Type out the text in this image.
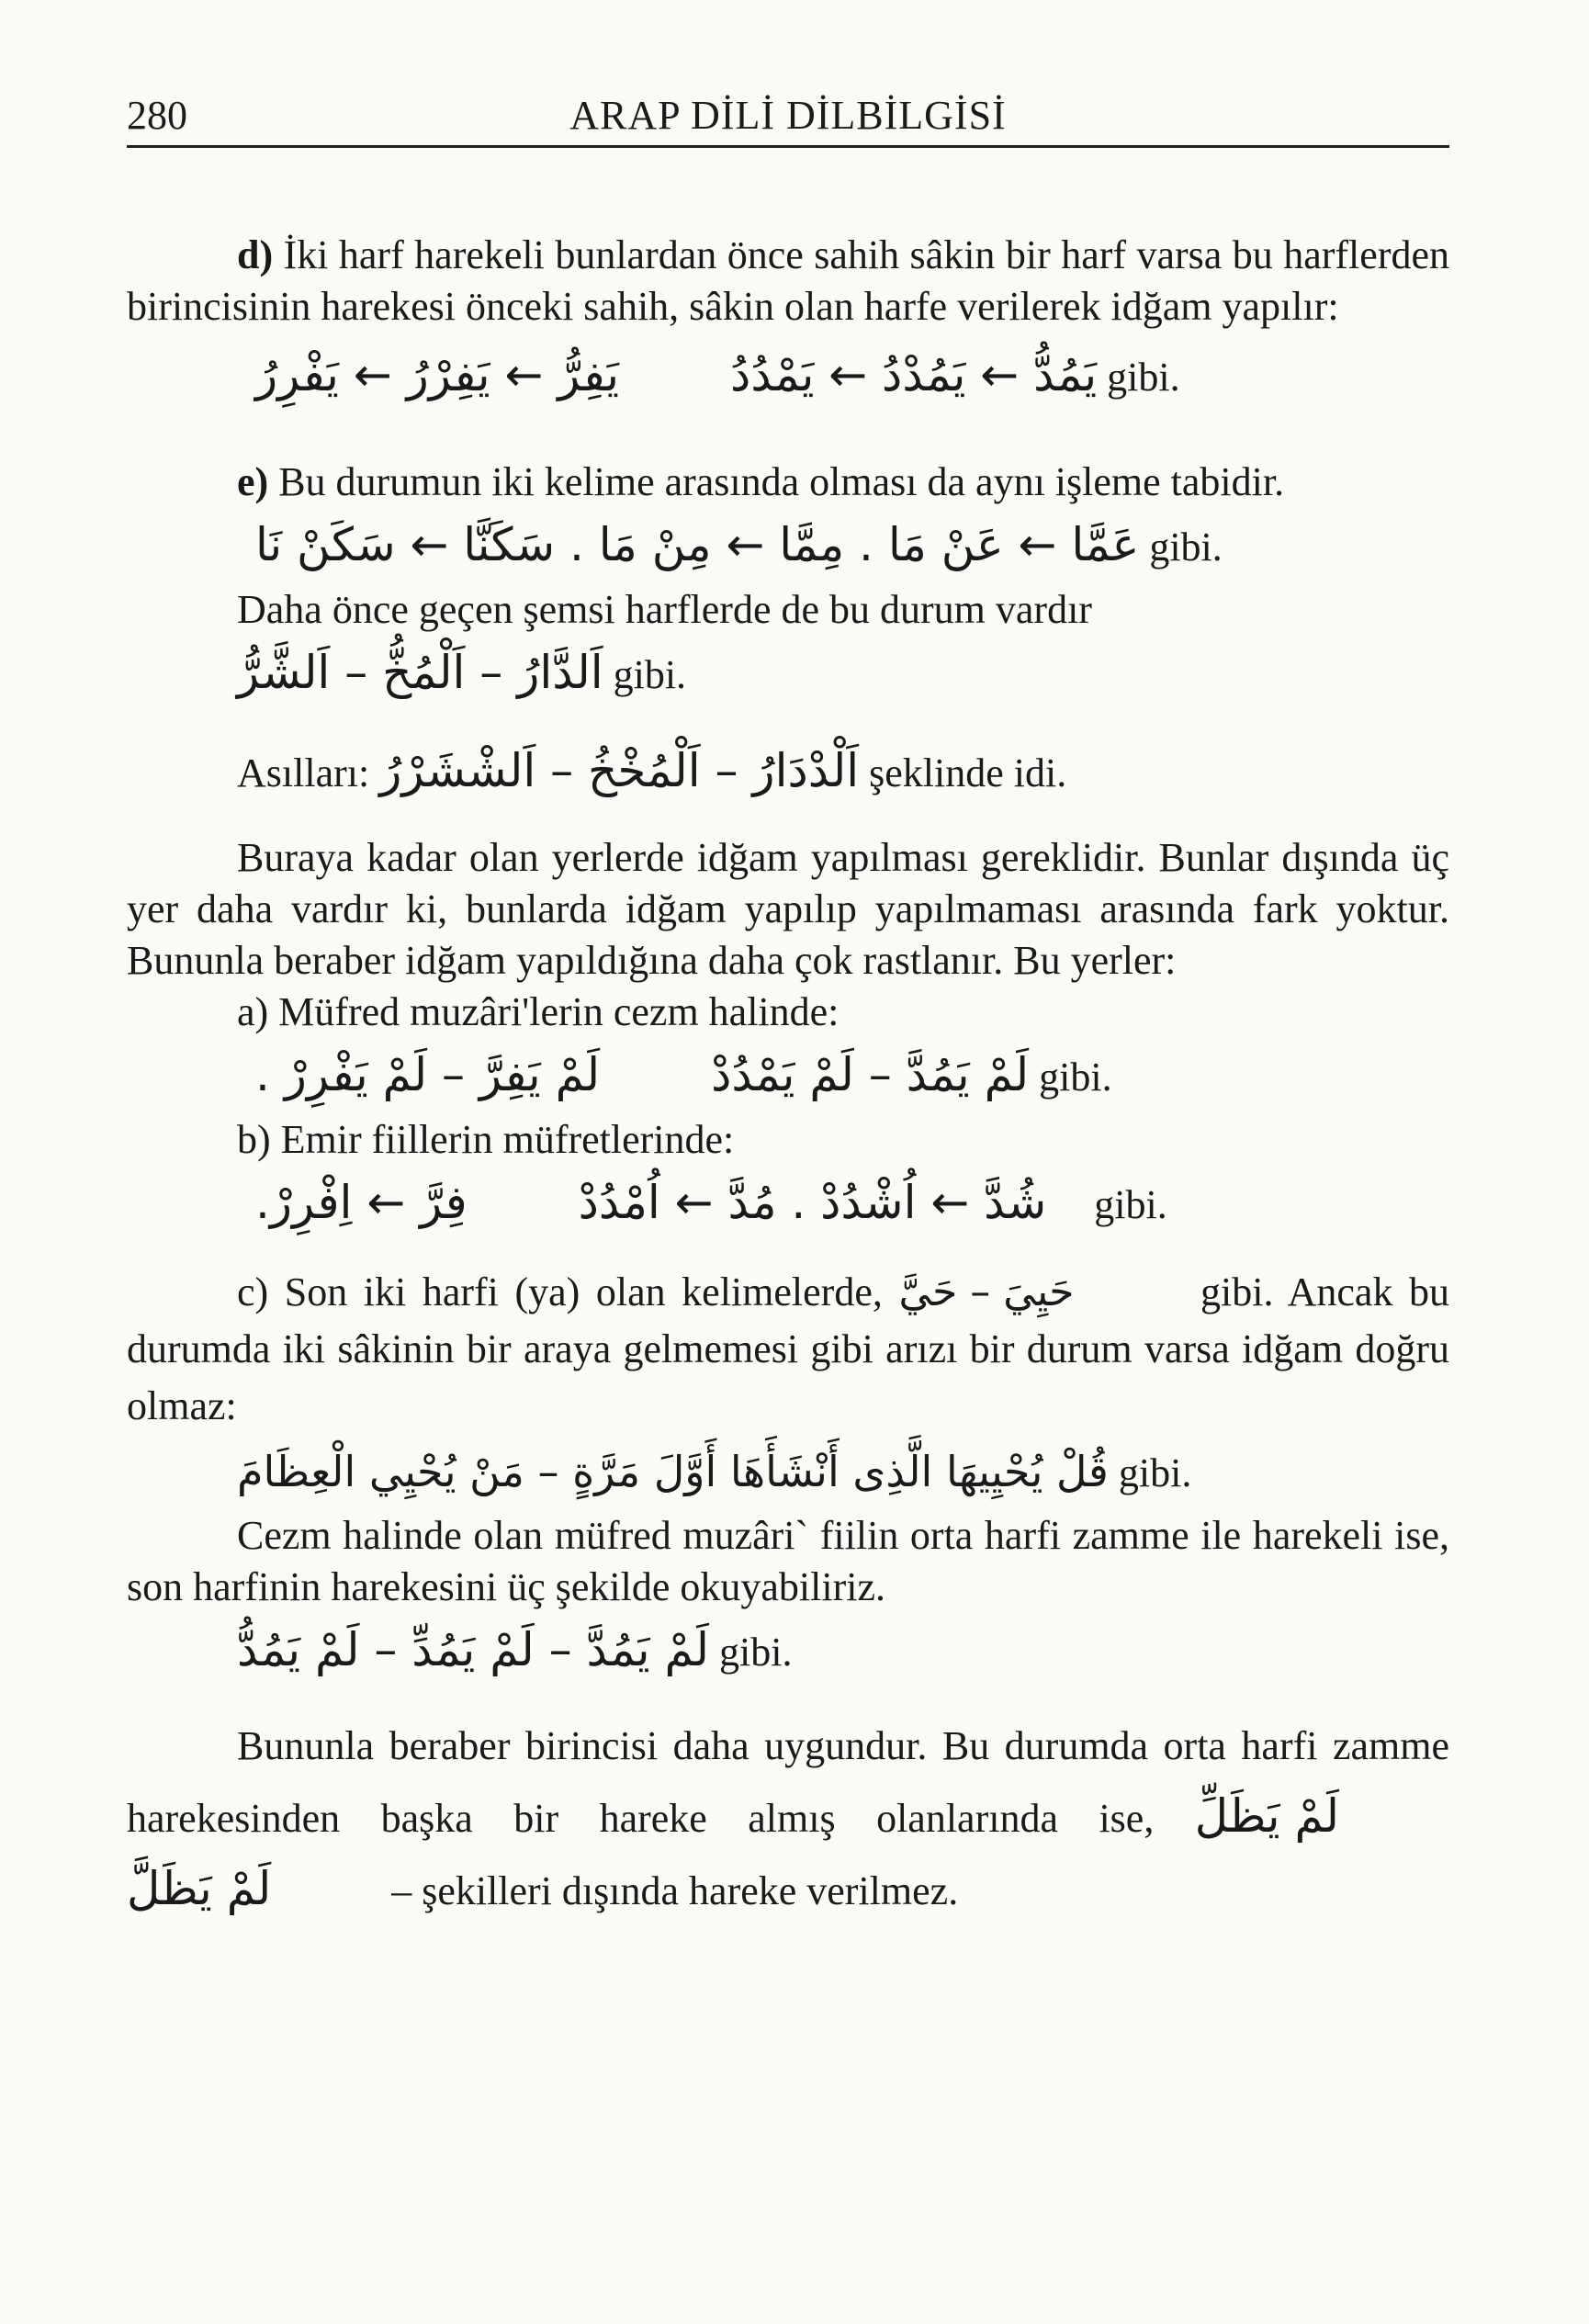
280	ARAP DİLİ DİLBİLGİSİ

d) İki harf harekeli bunlardan önce sahih sâkin bir harf varsa bu harflerden birincisinin harekesi önceki sahih, sâkin olan harfe verilerek idğam yapılır:

يَفِرُّ ← يَفِرْرُ ← يَفْرِرُ يَمُدُّ ← يَمُدْدُ ← يَمْدُدُ gibi.

e) Bu durumun iki kelime arasında olması da aynı işleme tabidir.

عَمَّا ← عَنْ مَا . مِمَّا ← مِنْ مَا . سَكَنَّا ← سَكَنْ نَا gibi.

Daha önce geçen şemsi harflerde de bu durum vardır

اَلدَّارُ – اَلْمُخُّ – اَلشَّرُّ gibi.

Asılları: اَلْدْدَارُ – اَلْمُخْخُ – اَلشْشَرْرُ şeklinde idi.

Buraya kadar olan yerlerde idğam yapılması gereklidir. Bunlar dışında üç yer daha vardır ki, bunlarda idğam yapılıp yapılmaması arasında fark yoktur. Bununla beraber idğam yapıldığına daha çok rastlanır. Bu yerler:

a) Müfred muzâri'lerin cezm halinde:

لَمْ يَفِرَّ – لَمْ يَفْرِرْ . لَمْ يَمُدَّ – لَمْ يَمْدُدْ gibi.

b) Emir fiillerin müfretlerinde:

فِرَّ ← اِفْرِرْ. شُدَّ ← اُشْدُدْ . مُدَّ ← اُمْدُدْ gibi.

c) Son iki harfi (ya) olan kelimelerde, حَيِيَ – حَيَّ	gibi. Ancak bu durumda iki sâkinin bir araya gelmemesi gibi arızı bir durum varsa idğam doğru olmaz:

قُلْ يُحْيِيهَا الَّذِى أَنْشَأَهَا أَوَّلَ مَرَّةٍ – مَنْ يُحْيِي الْعِظَامَ gibi.

Cezm halinde olan müfred muzâri` fiilin orta harfi zamme ile harekeli ise, son harfinin harekesini üç şekilde okuyabiliriz.

لَمْ يَمُدَّ – لَمْ يَمُدِّ – لَمْ يَمُدُّ gibi.

Bununla beraber birincisi daha uygundur. Bu durumda orta harfi zamme harekesinden başka bir hareke almış olanlarında ise, لَمْ يَظَلِّ لَمْ يَظَلَّ	– şekilleri dışında hareke verilmez.
